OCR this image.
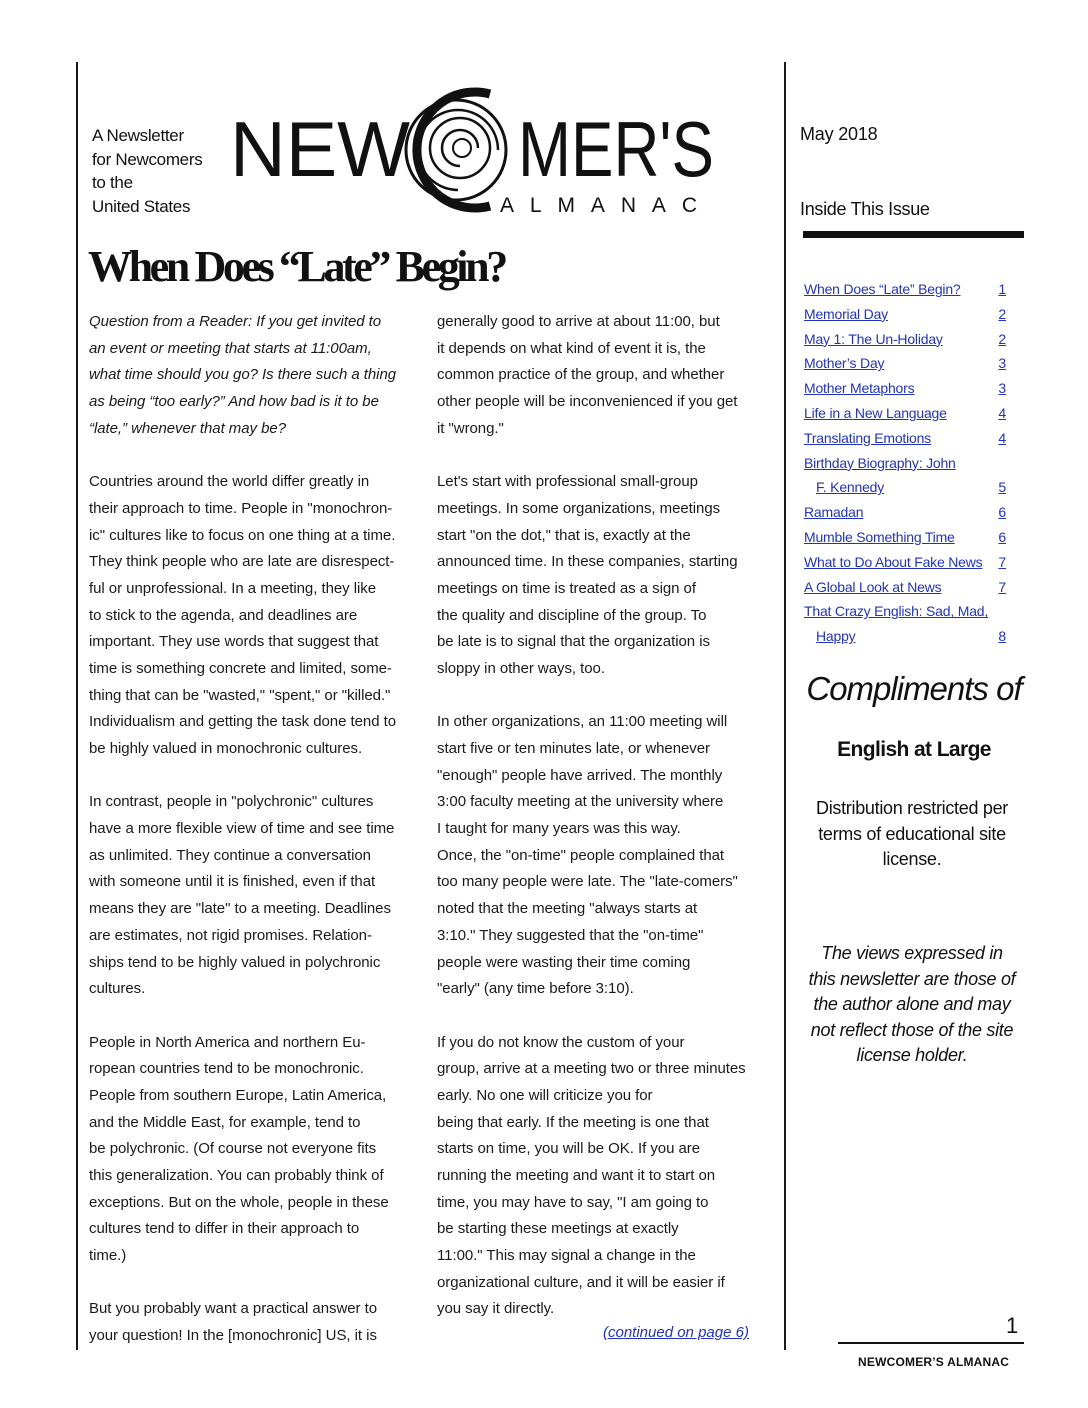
A Newsletter
for Newcomers
to the
United States
NEW MER'S
ALMANAC
When Does “Late” Begin?
Question from a Reader: If you get invited to
an event or meeting that starts at 11:00am,
what time should you go? Is there such a thing
as being “too early?” And how bad is it to be
“late,” whenever that may be?
Countries around the world differ greatly in
their approach to time. People in "monochron-
ic" cultures like to focus on one thing at a time.
They think people who are late are disrespect-
ful or unprofessional. In a meeting, they like
to stick to the agenda, and deadlines are
important. They use words that suggest that
time is something concrete and limited, some-
thing that can be "wasted," "spent," or "killed."
Individualism and getting the task done tend to
be highly valued in monochronic cultures.
In contrast, people in "polychronic" cultures
have a more flexible view of time and see time
as unlimited. They continue a conversation
with someone until it is finished, even if that
means they are "late" to a meeting. Deadlines
are estimates, not rigid promises. Relation-
ships tend to be highly valued in polychronic
cultures.
People in North America and northern Eu-
ropean countries tend to be monochronic.
People from southern Europe, Latin America,
and the Middle East, for example, tend to
be polychronic. (Of course not everyone fits
this generalization. You can probably think of
exceptions. But on the whole, people in these
cultures tend to differ in their approach to
time.)
But you probably want a practical answer to
your question! In the [monochronic] US, it is
generally good to arrive at about 11:00, but
it depends on what kind of event it is, the
common practice of the group, and whether
other people will be inconvenienced if you get
it "wrong."
Let's start with professional small-group
meetings. In some organizations, meetings
start "on the dot," that is, exactly at the
announced time. In these companies, starting
meetings on time is treated as a sign of
the quality and discipline of the group. To
be late is to signal that the organization is
sloppy in other ways, too.
In other organizations, an 11:00 meeting will
start five or ten minutes late, or whenever
"enough" people have arrived. The monthly
3:00 faculty meeting at the university where
I taught for many years was this way.
Once, the "on-time" people complained that
too many people were late. The "late-comers"
noted that the meeting "always starts at
3:10." They suggested that the "on-time"
people were wasting their time coming
"early" (any time before 3:10).
If you do not know the custom of your
group, arrive at a meeting two or three minutes
early. No one will criticize you for
being that early. If the meeting is one that
starts on time, you will be OK. If you are
running the meeting and want it to start on
time, you may have to say, "I am going to
be starting these meetings at exactly
11:00." This may signal a change in the
organizational culture, and it will be easier if
you say it directly.
(continued on page 6)
May 2018
Inside This Issue
When Does “Late” Begin?	1
Memorial Day	2
May 1: The Un-Holiday	2
Mother’s Day	3
Mother Metaphors	3
Life in a New Language	4
Translating Emotions	4
Birthday Biography: John
F. Kennedy	5
Ramadan	6
Mumble Something Time	6
What to Do About Fake News 7
A Global Look at News	7
That Crazy English: Sad, Mad,
Happy	8
Compliments of
English at Large
Distribution restricted per terms of educational site license.
The views expressed in this newsletter are those of the author alone and may not reflect those of the site license holder.
1
NEWCOMER’S ALMANAC
